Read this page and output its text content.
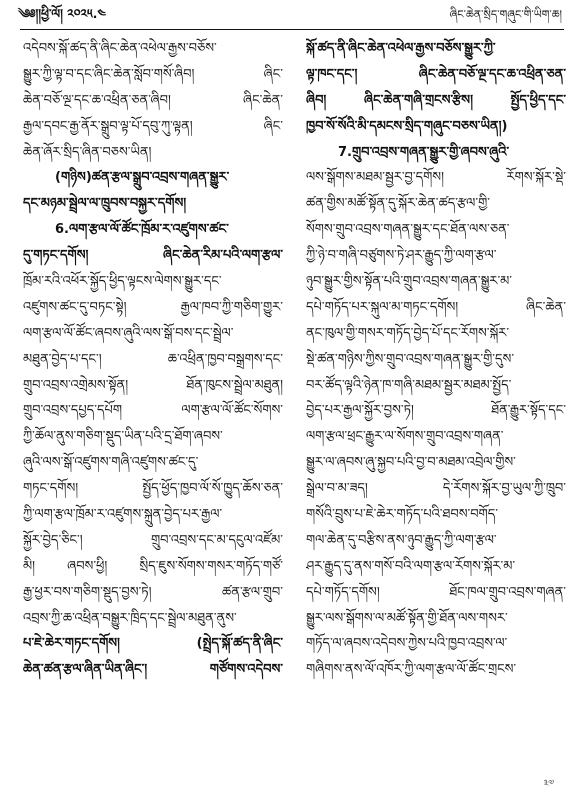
༄༅།།ཕྱི་ལོ། ༢༠༢༥.༤	ཞིང་ཆེན་སྲིད་གཞུང་གི་ཡིག་ཆ།
འདེབས་སྐོ་ཚད་ནི་ཞིང་ཆེན་འཕེལ་རྒྱས་བཅོས་
སྒྱུར་ཀྱི་ལྟ་བ་དང་ཞིང་ཆེན་སློབ་གསོ་ཞིབ། ཞིང་
ཆེན་བཅོ་ལྔ་དང་ཆ་འཕྲིན་ཅན་ཞིབ། ཞིང་ཆེན་
རྒྱལ་དབང་རྒྱ་ནོར་སྒྲུབ་ལྟ་པོ་དབུ་ཀུ་ལྟན། ཞིང་
ཆེན་ཞོར་སྲིད་ཞིན་བཅས་ཡིན།
(གཉིས)ཚན་རྩལ་སྒྲུབ་འབྲས་གཞན་སྒྱུར་
དང་མཉམ་སྦྲེལ་ལ་ཁྲུབས་བསྐྱར་དགོས།
6.ལག་རྩལ་ལོ་ཚོང་ཁྲོམ་ར་འཛུགས་ཚང་
དུ་གཏང་དགོས། ཞིང་ཆེན་རིམ་པའི་ལག་རྩལ་
ཁྲོམ་རའི་འཕོར་སྐྱོད་ཕྱིད་ལྟངས་ལེགས་སྒྱུར་དང་
འཛུགས་ཚང་དུ་བཏང་སྟེ། རྒྱལ་ཁབ་ཀྱི་གཅིག་གྱུར་
ལག་རྩལ་ལོ་ཚོང་ཞབས་ཞུའི་ལས་སྒོ་བས་དང་སྦྲེལ་
མཐུན་བྱེད་པ་དང་། ཆ་འཕྲིན་ཁྱབ་བསྒྲགས་དང་
གྲུབ་འབྲས་འགྲེམས་སྟོན། ཐོན་ཁུངས་སྦྲེལ་མཐུན།
གྲུབ་འབྲས་དཔྱད་དཔོག ལག་རྩལ་ལོ་ཚོང་སོགས་
ཀྱི་ཆོལ་ནུས་གཅིག་སྡུད་ཡིན་པའི་དྲ་ཐོག་ཞབས་
ཞུའི་ལས་སྒོ་འཛུགས་གཞི་འཛུགས་ཚང་དུ་
གཏང་དགོས། སྤྱོད་ཕྱོད་ཁྱབ་ལོ་སོ་ཁྱུད་ཆོས་ཅན་
ཀྱི་ལག་རྩལ་ཁྲོམ་ར་འཛུགས་སྐྲུན་བྱེད་པར་རྒྱལ་
སྐྱོར་བྱེད་ཅིང་། གྲུབ་འབྲས་དང་མ་དངུལ་འཛོམ་
མི། ཞབས་ཕྱི། སྲིད་ཇུས་སོགས་གསར་གཏོད་གཙོ་
རྒྱ་ཕྱར་བས་གཅིག་སྡུད་བྱས་ཏེ། ཚན་རྩལ་གྲུབ་
འབྲས་ཀྱི་ཆ་འཕྲིན་བསྒྱུར་ཁྲིད་དང་སྦྲེལ་མཐུན་ནུས་
པ་ཇེ་ཆེར་གཏང་དགོས། (སྤྲེད་སྐོ་ཚད་ནི་ཞིང་
ཆེན་ཚན་རྩལ་ཞིན་ཡིན་ཞིང་། གཙོགས་འདེབས་
སྐོ་ཚད་ནི་ཞིང་ཆེན་འཕེལ་རྒྱས་བཅོས་སྒྱུར་ཀྱི་
ལྟ་ཁང་དང་། ཞིང་ཆེན་བཅོ་ལྔ་དང་ཆ་འཕྲིན་ཅན་
ཞིབ། ཞིང་ཆེན་གཞི་གྲངས་རྩིས། སྤྱོད་ཕྱིད་དང་
ཁྱབ་སོ་སོའི་མི་དམངས་སྲིད་གཞུང་བཅས་ཡིན།)
7.གྲུབ་འབྲས་གཞན་སྒྱུར་གྱི་ཞབས་ཞུའི་
ལས་སྒོགས་མཐམ་སྦྱར་བྱ་དགོས། རོགས་སྐོར་སྡེ་
ཚན་གྱིས་མཚོ་སྟོན་དུ་སྐོར་ཆེན་ཚད་རྩལ་གྱི་
སོགས་གྲུབ་འབྲས་གཞན་སྒྱུར་དང་ཐོན་ལས་ཅན་
ཀྱི་ཉེ་བ་གཞི་བཙུགས་ཏེ་ཤར་རྒྱུད་ཀྱི་ལག་རྩལ་
ཉུབ་སྒྱུར་གྱིས་སྟོན་པའི་གྲུབ་འབྲས་གཞན་སྒྱུར་མ་
དཔེ་གཏོད་པར་སྐུལ་མ་གཏང་དགོས། ཞིང་ཆེན་
ནང་ཁུལ་གྱི་གསར་གཏོད་བྱེད་པོ་དང་རོགས་སྐོར་
སྡེ་ཚན་གཉིས་ཀྱིས་གྲུབ་འབྲས་གཞན་སྒྱུར་གྱི་དུས་
བར་ཚོད་ལྟའི་ཉེན་ཁ་གཞི་མཐམ་སྦྱར་མཐམ་སྤྱོད་
བྱེད་པར་རྒྱལ་སྐྱོར་བྱས་ཏེ། ཐོན་རྒྱུར་སྟོད་དང་
ལག་རྩལ་ཕྲང་རྒྱུར་ལ་སོགས་གྲུབ་འབྲས་གཞན་
སྒྱུར་ལ་ཞབས་ཞུ་སྐྱབ་པའི་བྱ་བ་མཐམ་འབྲེལ་གྱིས་
སྒྲེལ་བ་མ་ཟད། དེ་རོགས་སྐོར་བྱ་ཡུལ་ཀྱི་ཁྲུབ་
གསོའི་བྲུས་པ་ཇེ་ཆེར་གཏོད་པའི་ཐབས་བགོད་
གལ་ཆེན་དུ་བརྩིས་ནས་ཉུབ་རྒྱུད་ཀྱི་ལག་རྩལ་
ཤར་རྒྱུད་དུ་ནས་གསོ་བའི་ལག་རྩལ་རོགས་སྐོར་མ་
དཔེ་གཏོད་དགོས། ཐོང་ཁལ་གྲུབ་འབྲས་གཞན་
སྒྱུར་ལས་སྒོགས་ལ་མཚོ་སྟོན་གྱི་ཐོན་ལས་གསར་
གཏོད་ལ་ཞབས་འདེབས་ཀྱེས་པའི་ཁྱབ་འབྲས་ལ་
གཞིགས་ནས་ལོ་འཁོར་ཀྱི་ལག་རྩལ་ལོ་ཚོང་གྲངས་
༣༧
